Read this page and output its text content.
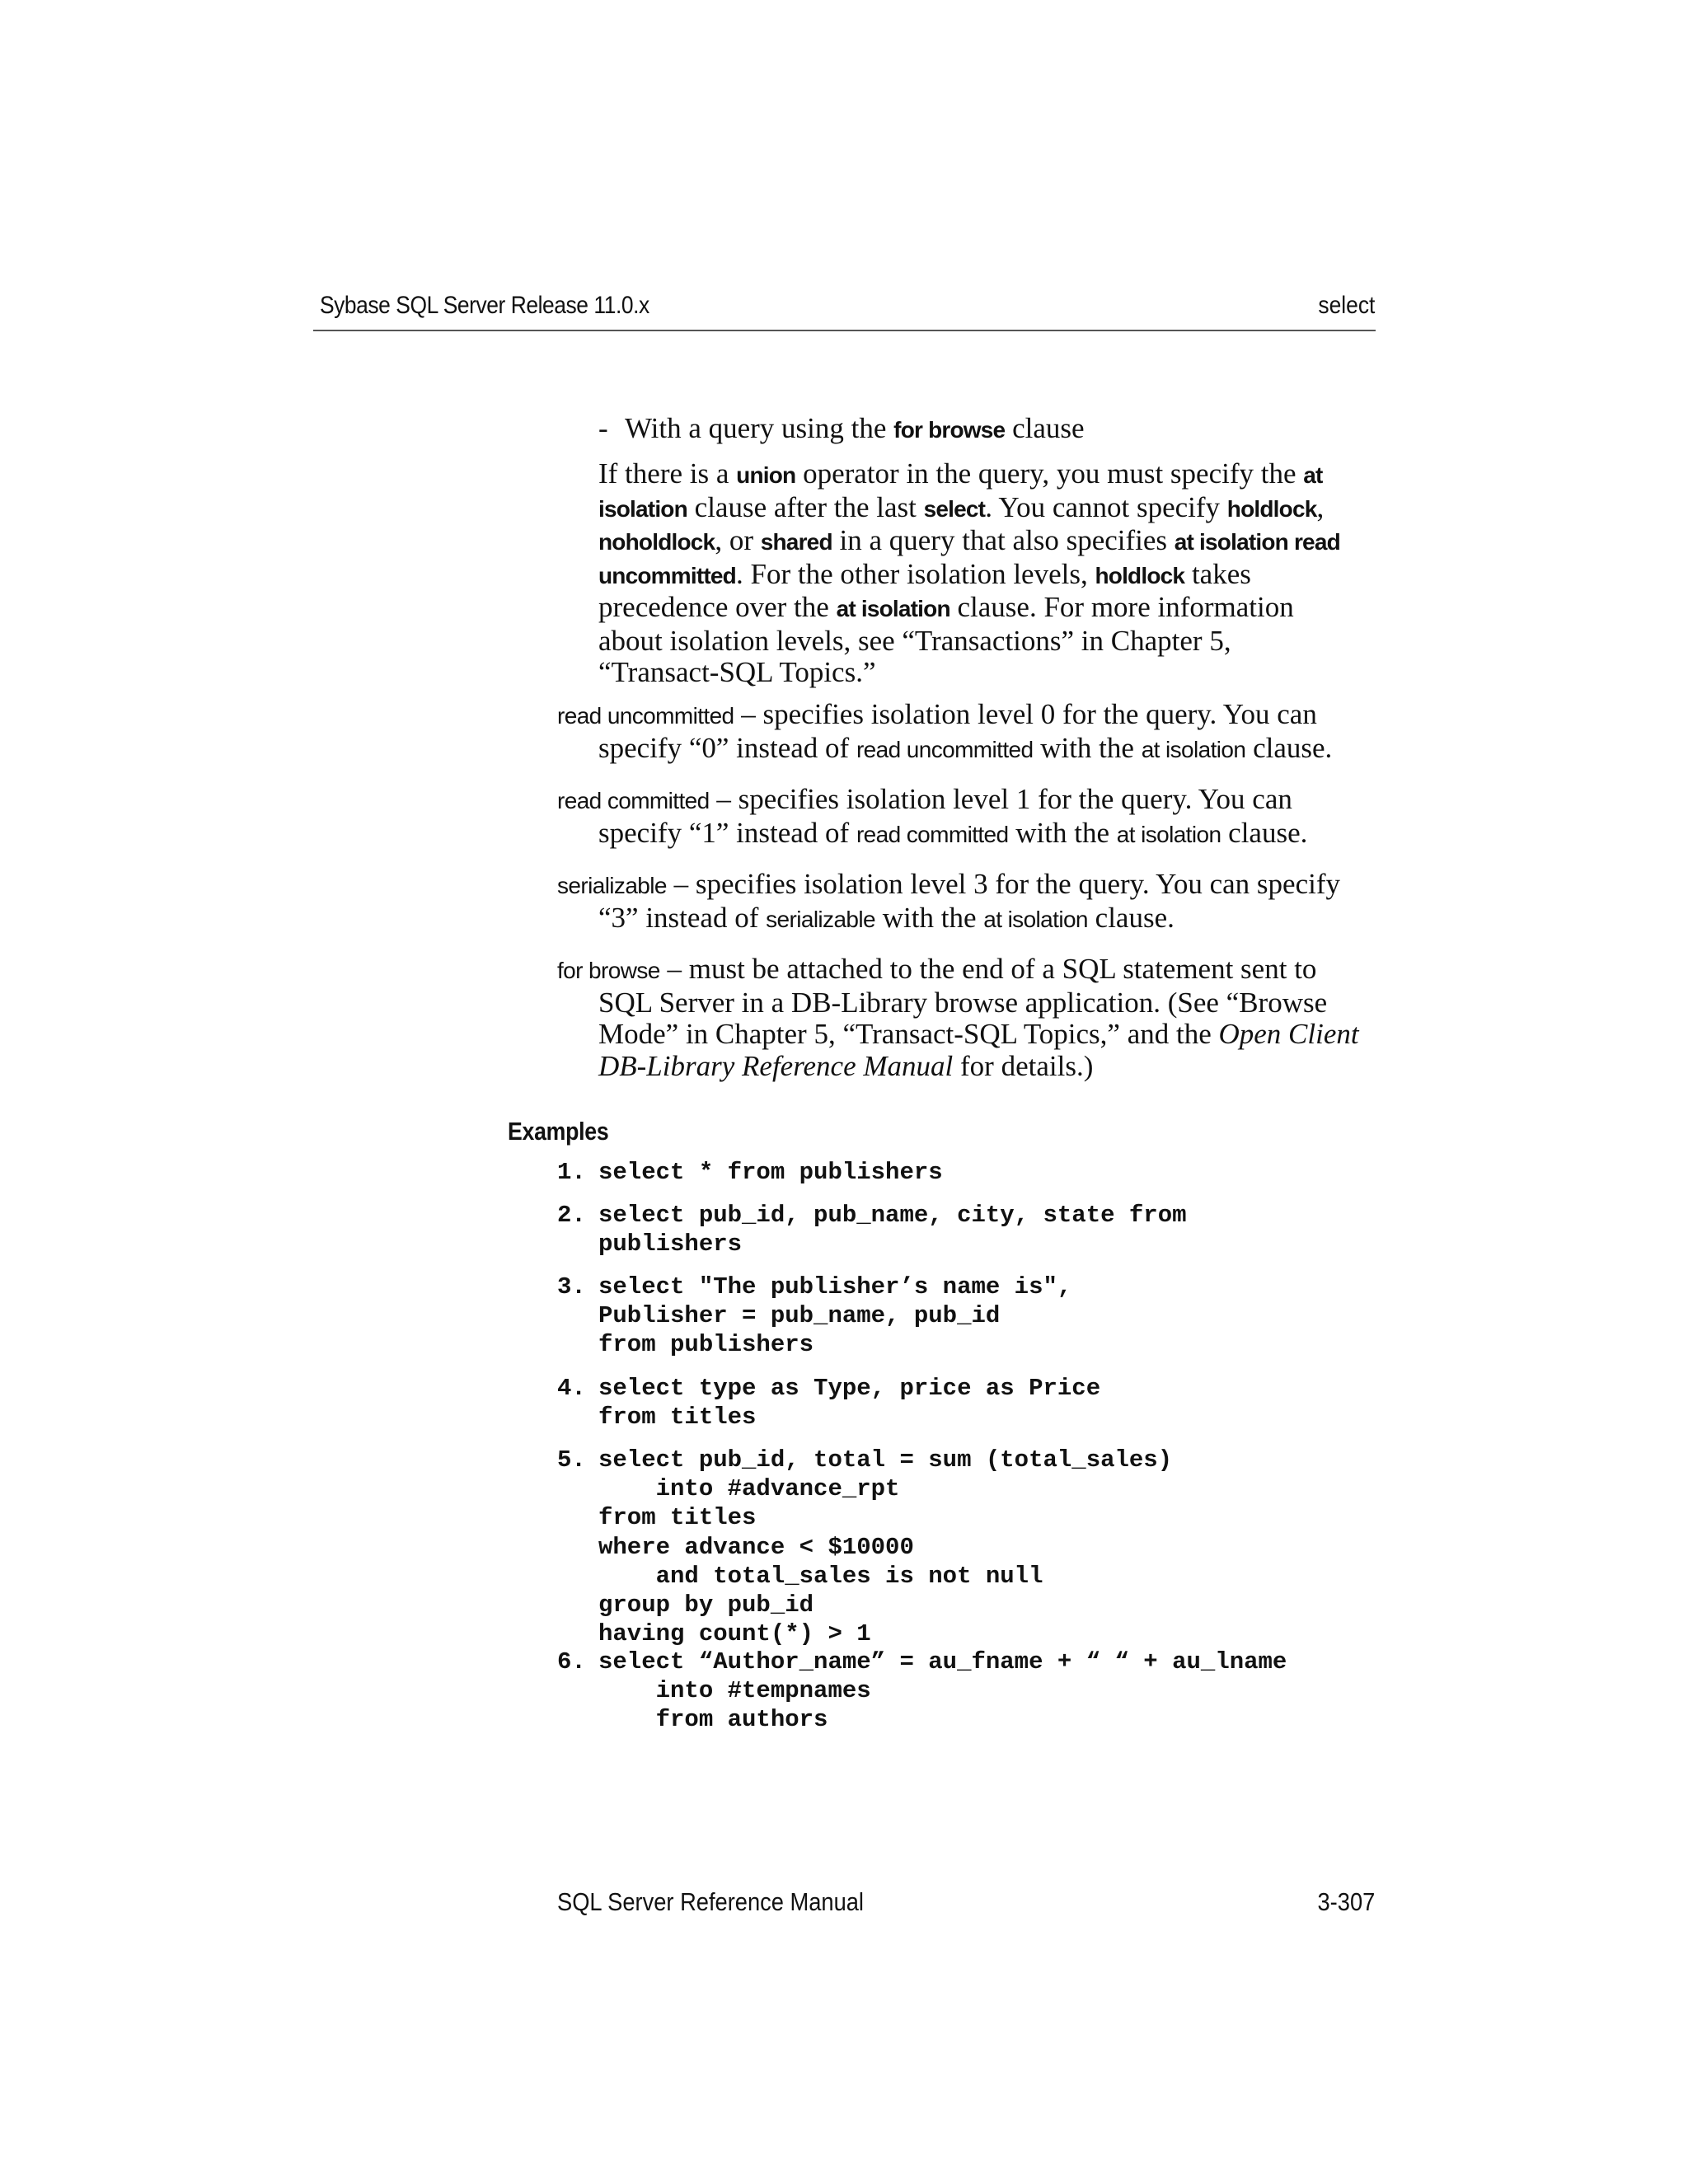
Sybase SQL Server Release 11.0.x	select
- With a query using the for browse clause
If there is a union operator in the query, you must specify the at
isolation clause after the last select. You cannot specify holdlock,
noholdlock, or shared in a query that also specifies at isolation read
uncommitted. For the other isolation levels, holdlock takes
precedence over the at isolation clause. For more information
about isolation levels, see “Transactions” in Chapter 5,
“Transact-SQL Topics.”
read uncommitted – specifies isolation level 0 for the query. You can
specify “0” instead of read uncommitted with the at isolation clause.
read committed – specifies isolation level 1 for the query. You can
specify “1” instead of read committed with the at isolation clause.
serializable – specifies isolation level 3 for the query. You can specify
“3” instead of serializable with the at isolation clause.
for browse – must be attached to the end of a SQL statement sent to
SQL Server in a DB-Library browse application. (See “Browse
Mode” in Chapter 5, “Transact-SQL Topics,” and the Open Client
DB-Library Reference Manual for details.)
Examples
1. select * from publishers
2. select pub_id, pub_name, city, state from
publishers
3. select "The publisher’s name is",
Publisher = pub_name, pub_id
from publishers
4. select type as Type, price as Price
from titles
5. select pub_id, total = sum (total_sales)
into #advance_rpt
from titles
where advance < $10000
and total_sales is not null
group by pub_id
having count(*) > 1
6. select “Author_name” = au_fname + “ “ + au_lname
into #tempnames
from authors
SQL Server Reference Manual	3-307
